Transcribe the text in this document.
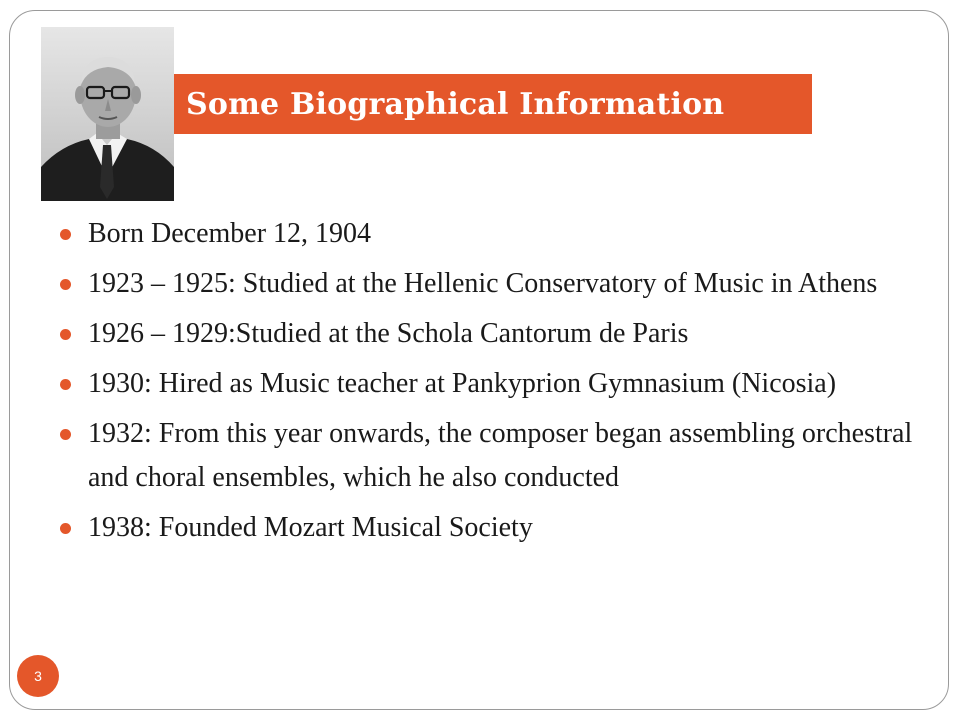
Some Biographical Information
Born December 12, 1904
1923 – 1925: Studied at the Hellenic Conservatory of Music in Athens
1926 – 1929:Studied at the Schola Cantorum de Paris
1930: Hired as Music teacher at Pankyprion Gymnasium (Nicosia)
1932: From this year onwards, the composer began assembling orchestral and choral ensembles, which he also conducted
1938: Founded Mozart Musical Society
3
